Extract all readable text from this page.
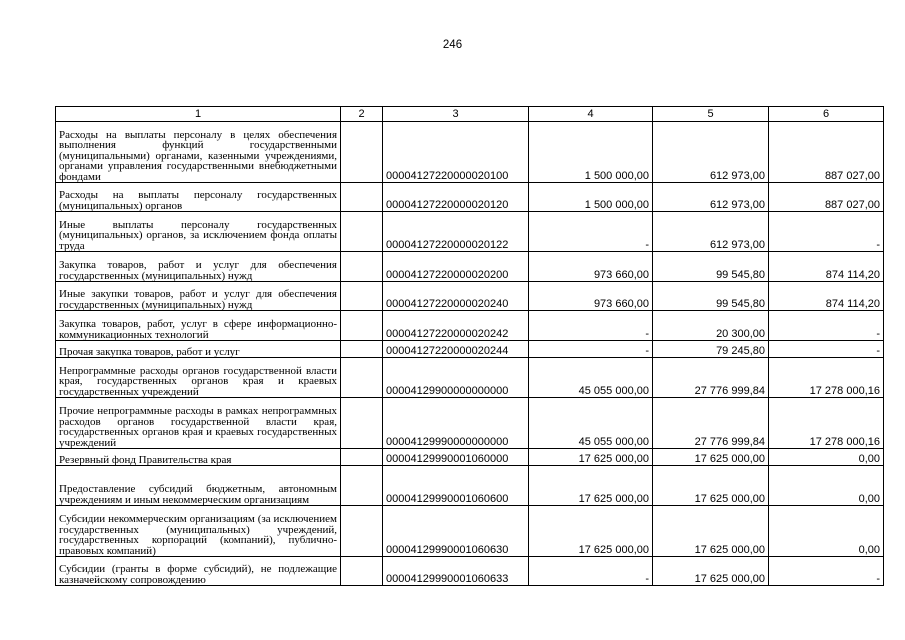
246
1	2	3	4	5	6
Расходы на выплаты персоналу в целях обеспечения выполнения функций государственными (муниципальными) органами, казенными учреждениями, органами управления государственными внебюджетными фондами		00004127220000020100	1 500 000,00	612 973,00	887 027,00
Расходы на выплаты персоналу государственных (муниципальных) органов		00004127220000020120	1 500 000,00	612 973,00	887 027,00
Иные выплаты персоналу государственных (муниципальных) органов, за исключением фонда оплаты труда		00004127220000020122	-	612 973,00	-
Закупка товаров, работ и услуг для обеспечения государственных (муниципальных) нужд		00004127220000020200	973 660,00	99 545,80	874 114,20
Иные закупки товаров, работ и услуг для обеспечения государственных (муниципальных) нужд		00004127220000020240	973 660,00	99 545,80	874 114,20
Закупка товаров, работ, услуг в сфере информационно-коммуникационных технологий		00004127220000020242	-	20 300,00	-
Прочая закупка товаров, работ и услуг		00004127220000020244	-	79 245,80	-
Непрограммные расходы органов государственной власти края, государственных органов края и краевых государственных учреждений		00004129900000000000	45 055 000,00	27 776 999,84	17 278 000,16
Прочие непрограммные расходы в рамках непрограммных расходов органов государственной власти края, государственных органов края и краевых государственных учреждений		00004129990000000000	45 055 000,00	27 776 999,84	17 278 000,16
Резервный фонд Правительства края		00004129990001060000	17 625 000,00	17 625 000,00	0,00
Предоставление субсидий бюджетным, автономным учреждениям и иным некоммерческим организациям		00004129990001060600	17 625 000,00	17 625 000,00	0,00
Субсидии некоммерческим организациям (за исключением государственных (муниципальных) учреждений, государственных корпораций (компаний), публично-правовых компаний)		00004129990001060630	17 625 000,00	17 625 000,00	0,00
Субсидии (гранты в форме субсидий), не подлежащие казначейскому сопровождению		00004129990001060633	-	17 625 000,00	-
